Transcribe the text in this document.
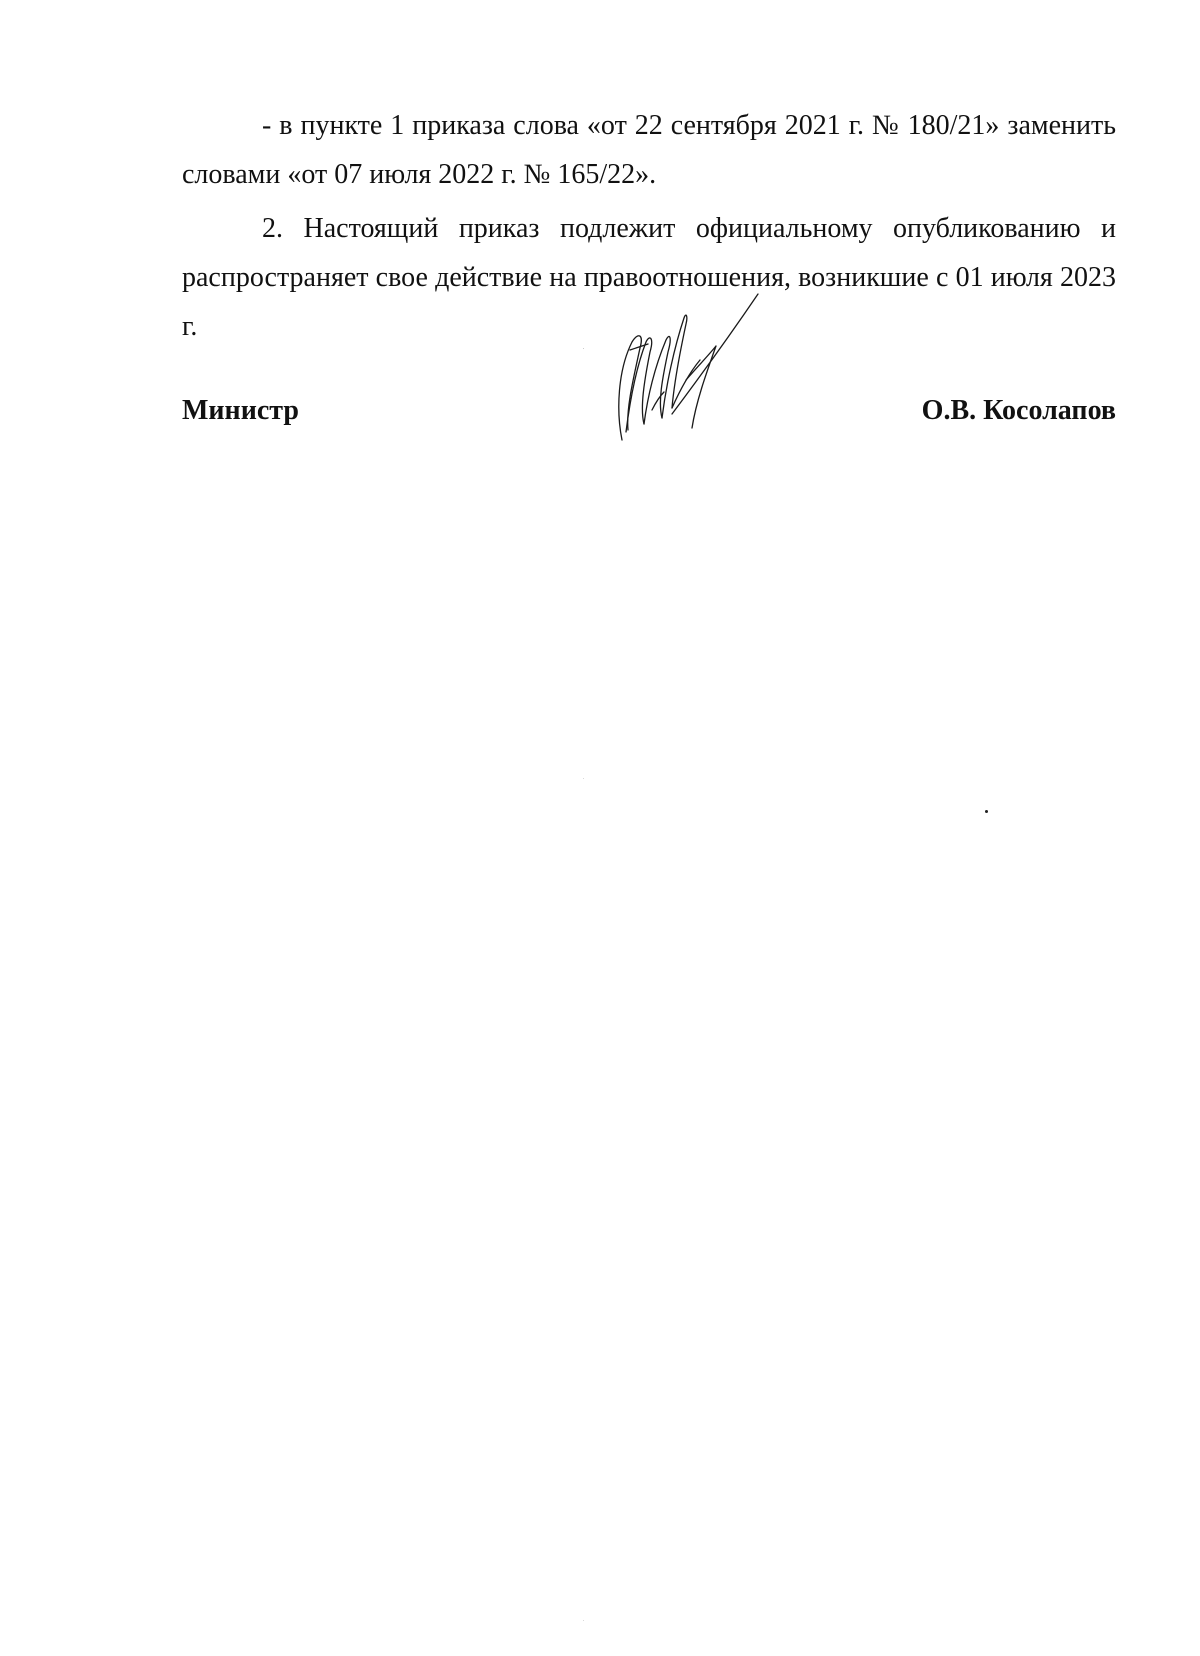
- в пункте 1 приказа слова «от 22 сентября 2021 г. № 180/21» заменить словами «от 07 июля 2022 г. № 165/22».

2. Настоящий приказ подлежит официальному опубликованию и распространяет свое действие на правоотношения, возникшие с 01 июля 2023 г.

Министр	О.В. Косолапов
